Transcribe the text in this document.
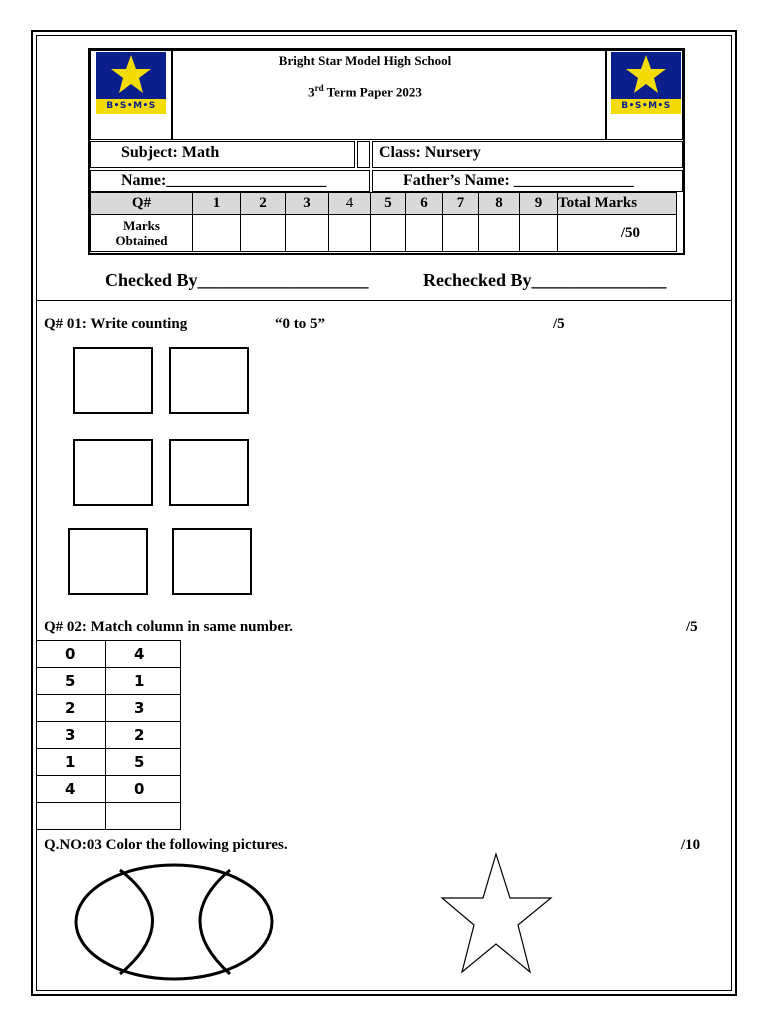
B•S•M•S
Bright Star Model High School
3rd Term Paper 2023
B•S•M•S
Subject: Math	Class: Nursery
Name:____________________	Father’s Name: _______________
Q#	1	2	3	4	5	6	7	8	9	Total Marks
Marks
Obtained										/50
Checked By___________________	Rechecked By_______________
Q# 01: Write counting	“0 to 5”	/5
Q# 02: Match column in same number.	/5
0	4
5	1
2	3
3	2
1	5
4	0

Q.NO:03 Color the following pictures.	/10
